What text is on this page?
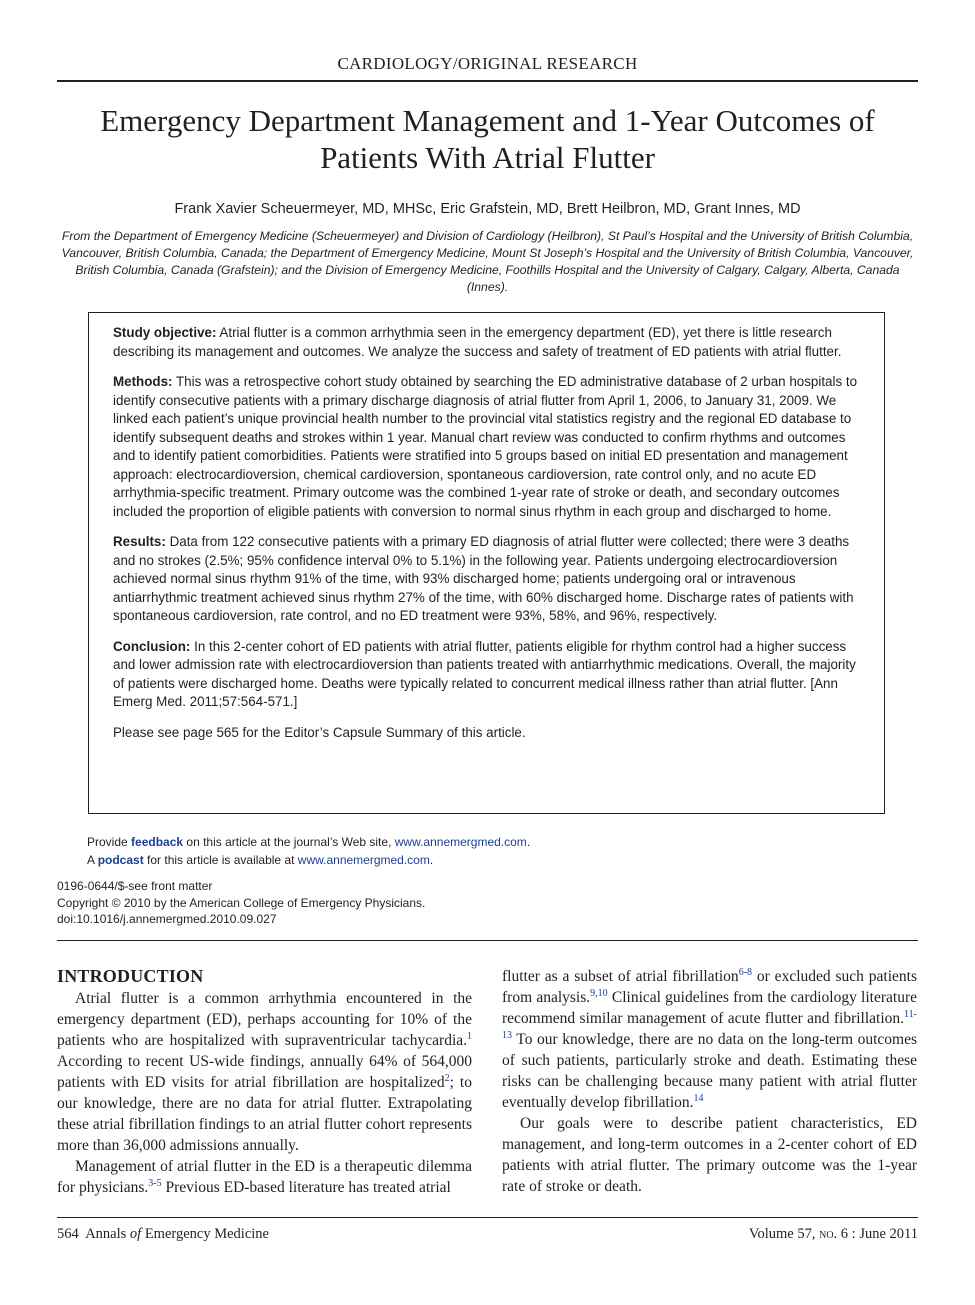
CARDIOLOGY/ORIGINAL RESEARCH
Emergency Department Management and 1-Year Outcomes of Patients With Atrial Flutter
Frank Xavier Scheuermeyer, MD, MHSc, Eric Grafstein, MD, Brett Heilbron, MD, Grant Innes, MD
From the Department of Emergency Medicine (Scheuermeyer) and Division of Cardiology (Heilbron), St Paul’s Hospital and the University of British Columbia, Vancouver, British Columbia, Canada; the Department of Emergency Medicine, Mount St Joseph’s Hospital and the University of British Columbia, Vancouver, British Columbia, Canada (Grafstein); and the Division of Emergency Medicine, Foothills Hospital and the University of Calgary, Calgary, Alberta, Canada (Innes).

Study objective: Atrial flutter is a common arrhythmia seen in the emergency department (ED), yet there is little research describing its management and outcomes. We analyze the success and safety of treatment of ED patients with atrial flutter.

Methods: This was a retrospective cohort study obtained by searching the ED administrative database of 2 urban hospitals to identify consecutive patients with a primary discharge diagnosis of atrial flutter from April 1, 2006, to January 31, 2009. We linked each patient’s unique provincial health number to the provincial vital statistics registry and the regional ED database to identify subsequent deaths and strokes within 1 year. Manual chart review was conducted to confirm rhythms and outcomes and to identify patient comorbidities. Patients were stratified into 5 groups based on initial ED presentation and management approach: electrocardioversion, chemical cardioversion, spontaneous cardioversion, rate control only, and no acute ED arrhythmia-specific treatment. Primary outcome was the combined 1-year rate of stroke or death, and secondary outcomes included the proportion of eligible patients with conversion to normal sinus rhythm in each group and discharged to home.

Results: Data from 122 consecutive patients with a primary ED diagnosis of atrial flutter were collected; there were 3 deaths and no strokes (2.5%; 95% confidence interval 0% to 5.1%) in the following year. Patients undergoing electrocardioversion achieved normal sinus rhythm 91% of the time, with 93% discharged home; patients undergoing oral or intravenous antiarrhythmic treatment achieved sinus rhythm 27% of the time, with 60% discharged home. Discharge rates of patients with spontaneous cardioversion, rate control, and no ED treatment were 93%, 58%, and 96%, respectively.

Conclusion: In this 2-center cohort of ED patients with atrial flutter, patients eligible for rhythm control had a higher success and lower admission rate with electrocardioversion than patients treated with antiarrhythmic medications. Overall, the majority of patients were discharged home. Deaths were typically related to concurrent medical illness rather than atrial flutter. [Ann Emerg Med. 2011;57:564-571.]

Please see page 565 for the Editor’s Capsule Summary of this article.

Provide feedback on this article at the journal’s Web site, www.annemergmed.com.
A podcast for this article is available at www.annemergmed.com.
0196-0644/$-see front matter
Copyright © 2010 by the American College of Emergency Physicians.
doi:10.1016/j.annemergmed.2010.09.027
INTRODUCTION

Atrial flutter is a common arrhythmia encountered in the emergency department (ED), perhaps accounting for 10% of the patients who are hospitalized with supraventricular tachycardia.$^1$ According to recent US-wide findings, annually 64% of 564,000 patients with ED visits for atrial fibrillation are hospitalized$^2$; to our knowledge, there are no data for atrial flutter. Extrapolating these atrial fibrillation findings to an atrial flutter cohort represents more than 36,000 admissions annually.

Management of atrial flutter in the ED is a therapeutic dilemma for physicians.$^{3-5}$ Previous ED-based literature has treated atrial

flutter as a subset of atrial fibrillation$^{6-8}$ or excluded such patients from analysis.$^{9,10}$ Clinical guidelines from the cardiology literature recommend similar management of acute flutter and fibrillation.$^{11-13}$ To our knowledge, there are no data on the long-term outcomes of such patients, particularly stroke and death. Estimating these risks can be challenging because many patient with atrial flutter eventually develop fibrillation.$^{14}$

Our goals were to describe patient characteristics, ED management, and long-term outcomes in a 2-center cohort of ED patients with atrial flutter. The primary outcome was the 1-year rate of stroke or death.

564 Annals of Emergency Medicine	Volume 57, no. 6 : June 2011
